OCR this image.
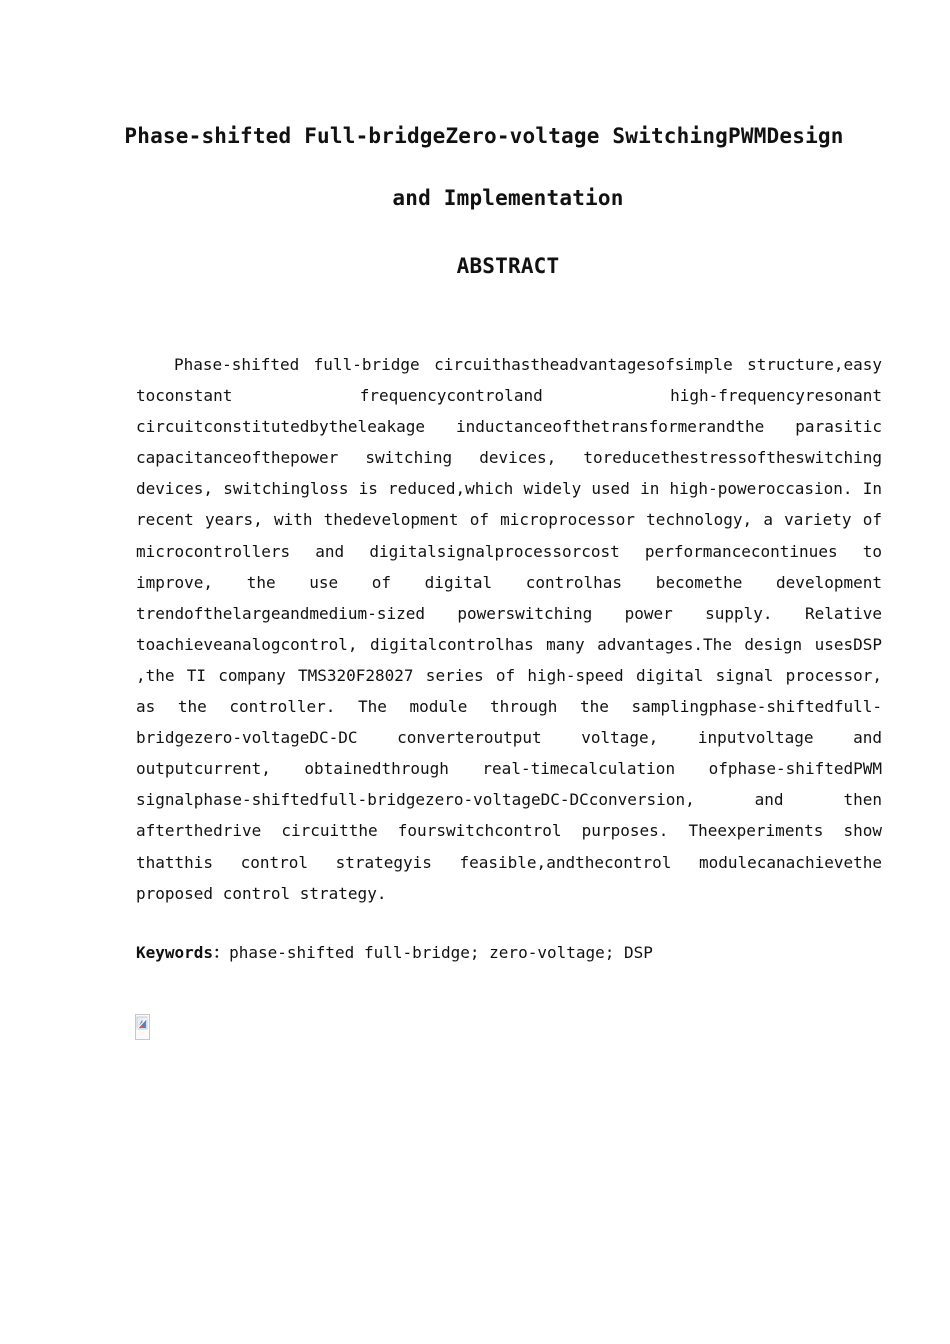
Phase-shifted Full-bridgeZero-voltage SwitchingPWMDesign
and Implementation
ABSTRACT

Phase-shifted full-bridge circuithastheadvantagesofsimple structure,easy toconstant frequencycontroland high-frequencyresonant circuitconstitutedbytheleakage inductanceofthetransformerandthe parasitic capacitanceofthepower switching devices, toreducethestressoftheswitching devices, switchingloss is reduced,which widely used in high-poweroccasion. In recent years, with thedevelopment of microprocessor technology, a variety of microcontrollers and digitalsignalprocessorcost performancecontinues to improve, the use of digital controlhas becomethe development trendofthelargeandmedium-sized powerswitching power supply. Relative toachieveanalogcontrol, digitalcontrolhas many advantages.The design usesDSP ,the TI company TMS320F28027 series of high-speed digital signal processor, as the controller. The module through the samplingphase-shiftedfull-bridgezero-voltageDC-DC converteroutput voltage, inputvoltage and outputcurrent, obtainedthrough real-timecalculation ofphase-shiftedPWM signalphase-shiftedfull-bridgezero-voltageDC-DCconversion, and then afterthedrive circuitthe fourswitchcontrol purposes. Theexperiments show thatthis control strategyis feasible,andthecontrol modulecanachievethe proposed control strategy.

Keywords：phase-shifted full-bridge; zero-voltage; DSP
